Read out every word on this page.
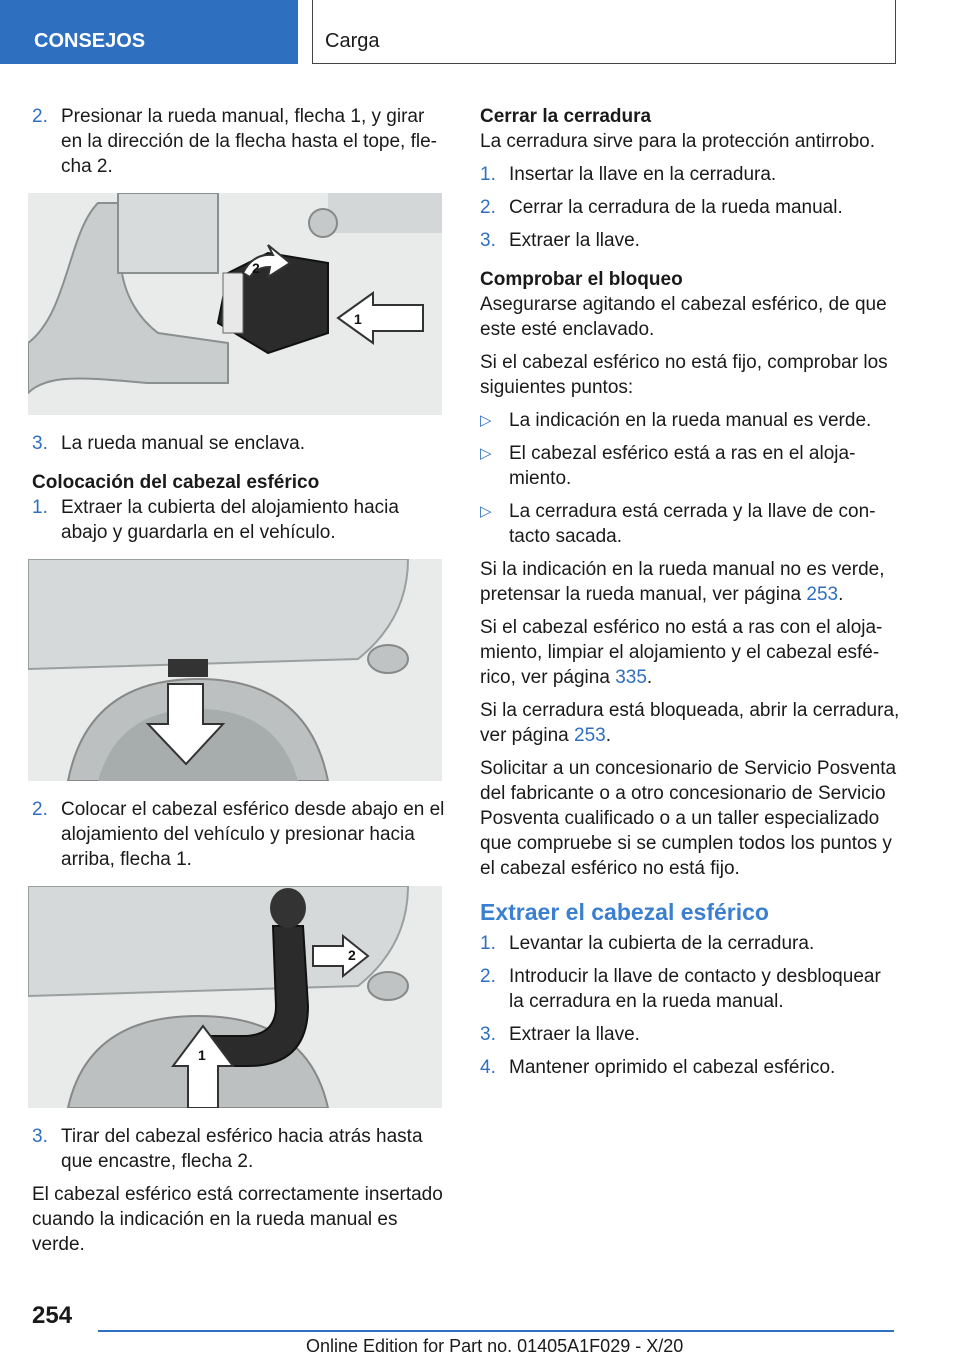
CONSEJOS	Carga
2. Presionar la rueda manual, flecha 1, y girar en la dirección de la flecha hasta el tope, fle‐cha 2.
2
1
3. La rueda manual se enclava.
Colocación del cabezal esférico
1. Extraer la cubierta del alojamiento hacia abajo y guardarla en el vehículo.
2. Colocar el cabezal esférico desde abajo en el alojamiento del vehículo y presionar hacia arriba, flecha 1.
2
1
3. Tirar del cabezal esférico hacia atrás hasta que encastre, flecha 2.

El cabezal esférico está correctamente insertado cuando la indicación en la rueda manual es verde.

Cerrar la cerradura

La cerradura sirve para la protección antirrobo.

1. Insertar la llave en la cerradura.
2. Cerrar la cerradura de la rueda manual.
3. Extraer la llave.
Comprobar el bloqueo

Asegurarse agitando el cabezal esférico, de que este esté enclavado.

Si el cabezal esférico no está fijo, comprobar los siguientes puntos:

▷ La indicación en la rueda manual es verde.
▷ El cabezal esférico está a ras en el aloja‐miento.
▷ La cerradura está cerrada y la llave de con‐tacto sacada.

Si la indicación en la rueda manual no es verde, pretensar la rueda manual, ver página 253.

Si el cabezal esférico no está a ras con el aloja‐miento, limpiar el alojamiento y el cabezal esfé‐rico, ver página 335.

Si la cerradura está bloqueada, abrir la cerradura, ver página 253.

Solicitar a un concesionario de Servicio Posventa del fabricante o a otro concesionario de Servicio Posventa cualificado o a un taller especializado que compruebe si se cumplen todos los puntos y el cabezal esférico no está fijo.

Extraer el cabezal esférico
1. Levantar la cubierta de la cerradura.
2. Introducir la llave de contacto y desbloquear la cerradura en la rueda manual.
3. Extraer la llave.
4. Mantener oprimido el cabezal esférico.
254
Online Edition for Part no. 01405A1F029 - X/20
